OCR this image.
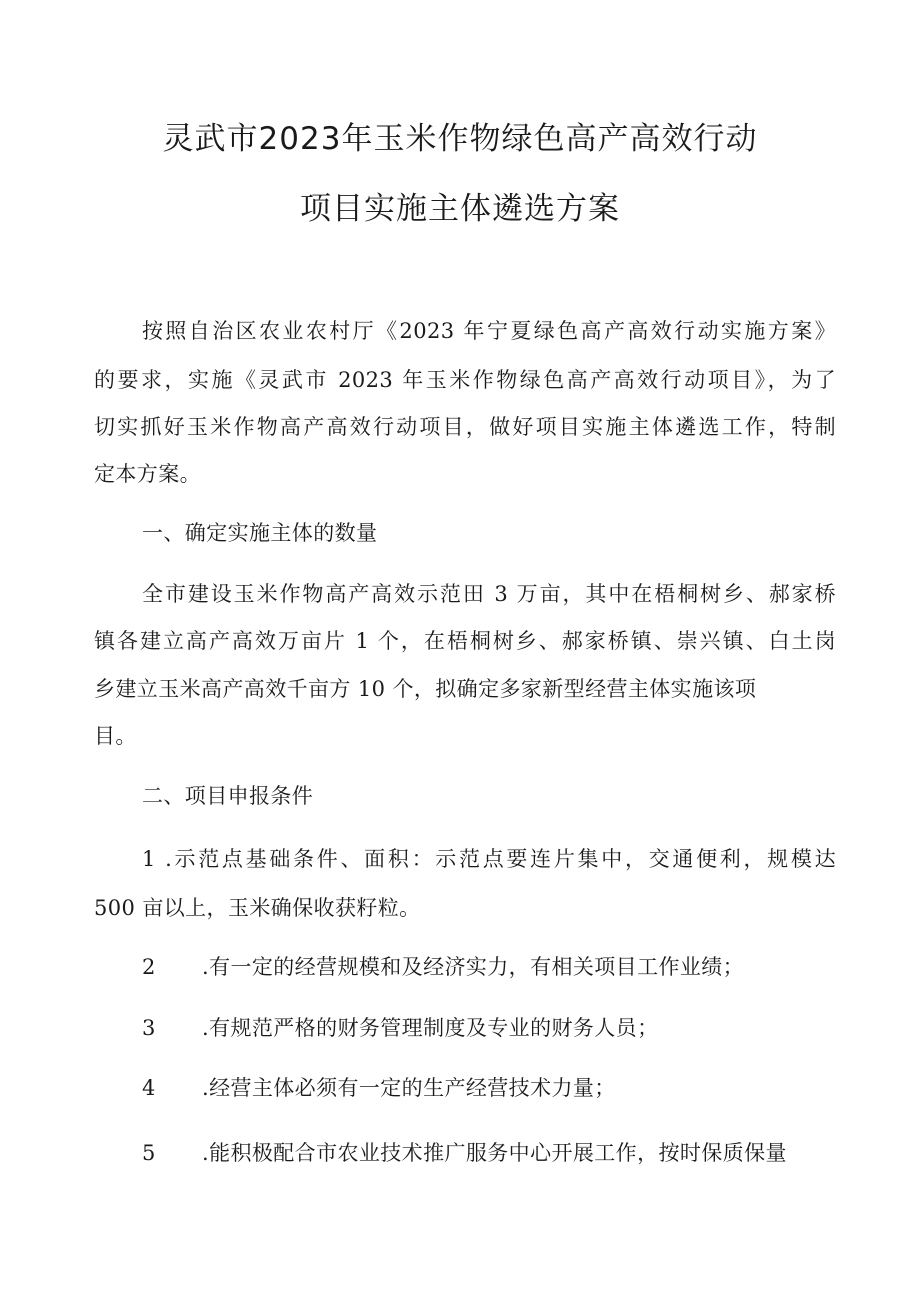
灵武市2023年玉米作物绿色高产高效行动
项目实施主体遴选方案
按照自治区农业农村厅《2023 年宁夏绿色高产高效行动实施方案》
的要求，实施《灵武市 2023 年玉米作物绿色高产高效行动项目》，为了
切实抓好玉米作物高产高效行动项目，做好项目实施主体遴选工作，特制
定本方案。
一、确定实施主体的数量
全市建设玉米作物高产高效示范田 3 万亩，其中在梧桐树乡、郝家桥
镇各建立高产高效万亩片 1 个，在梧桐树乡、郝家桥镇、崇兴镇、白土岗
乡建立玉米高产高效千亩方 10 个，拟确定多家新型经营主体实施该项
目。
二、项目申报条件
1 .示范点基础条件、面积：示范点要连片集中，交通便利，规模达
500 亩以上，玉米确保收获籽粒。
2 .有一定的经营规模和及经济实力，有相关项目工作业绩；
3 .有规范严格的财务管理制度及专业的财务人员；
4 .经营主体必须有一定的生产经营技术力量；
5 .能积极配合市农业技术推广服务中心开展工作，按时保质保量
